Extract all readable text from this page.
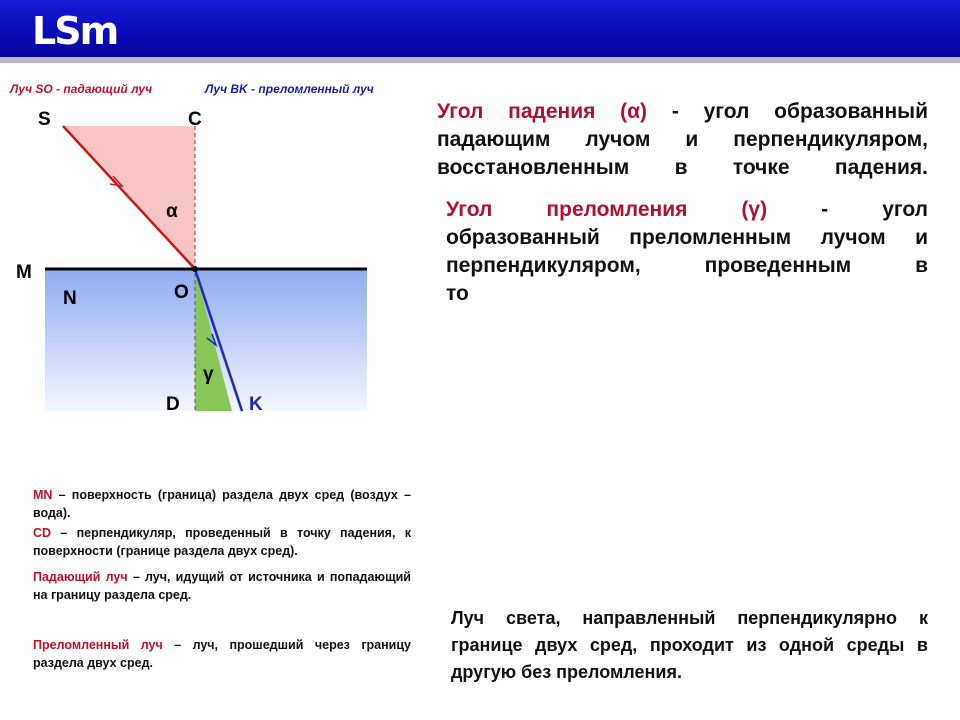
LSm
Луч SO - падающий луч	Луч BK - преломленный луч
S	C
α
M
N	O
γ
D	K
Угол падения (α) - угол образованный падающим лучом и перпендикуляром, восстановленным в точке падения.
Угол преломления (γ) - угол
образованный преломленным лучом и
перпендикуляром, проведенным в
то
MN – поверхность (граница) раздела двух сред (воздух –вода).
CD – перпендикуляр, проведенный в точку падения, к поверхности (границе раздела двух сред).
Падающий луч – луч, идущий от источника и попадающий на границу раздела сред.
Преломленный луч – луч, прошедший через границу раздела двух сред.
Луч света, направленный перпендикулярно к границе двух сред, проходит из одной среды в другую без преломления.
